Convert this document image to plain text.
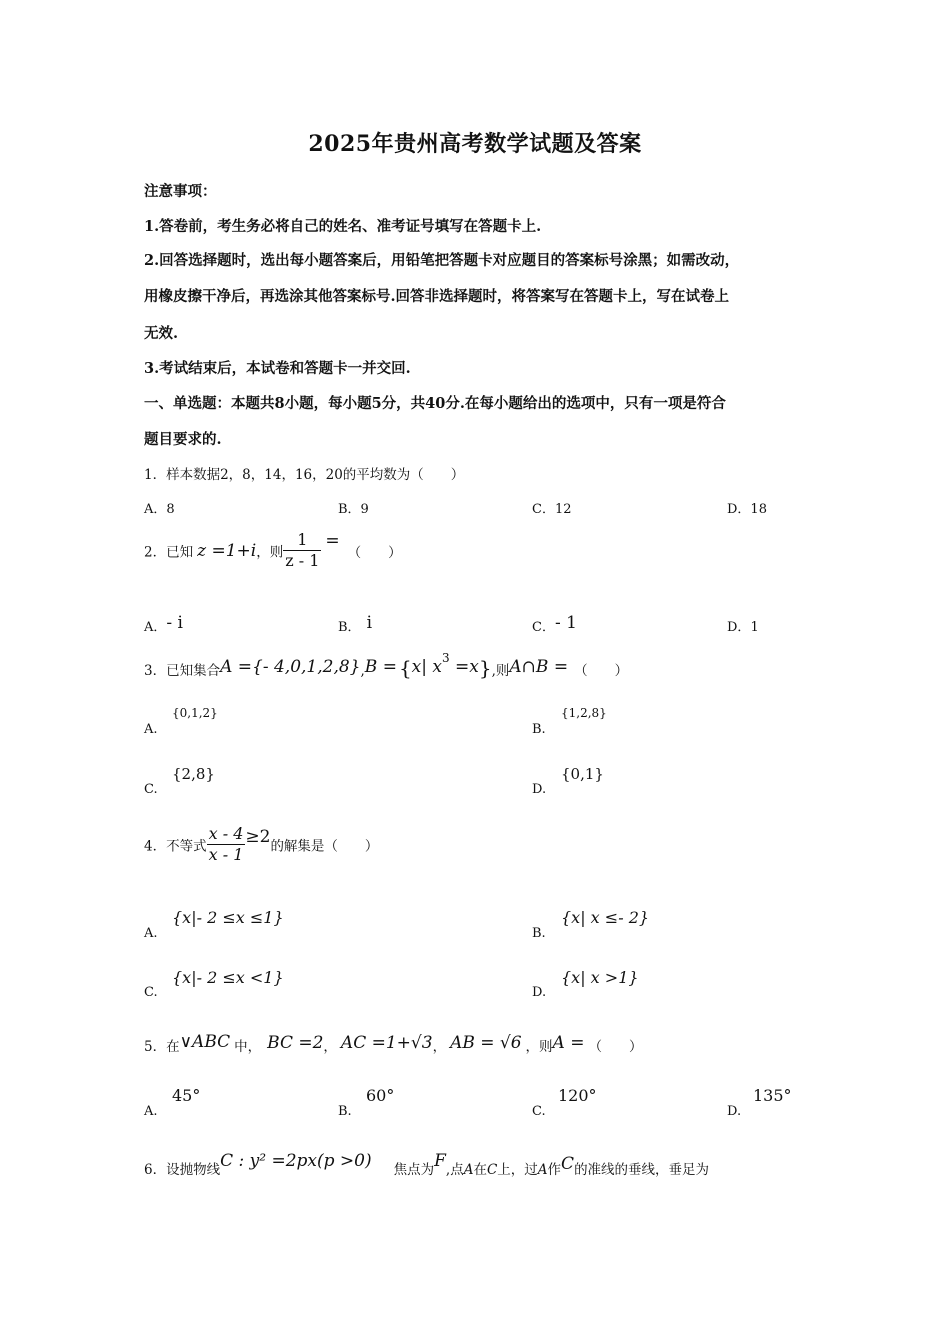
2025年贵州高考数学试题及答案
注意事项：
1.答卷前，考生务必将自己的姓名、准考证号填写在答题卡上.
2.回答选择题时，选出每小题答案后，用铅笔把答题卡对应题目的答案标号涂黑；如需改动，
用橡皮擦干净后，再选涂其他答案标号.回答非选择题时，将答案写在答题卡上，写在试卷上
无效.
3.考试结束后，本试卷和答题卡一并交回.
一、单选题：本题共8小题，每小题5分，共40分.在每小题给出的选项中，只有一项是符合
题目要求的.
1．样本数据2，8，14，16，20的平均数为（　　）
A．8	B．9	C．12	D．18
2．已知 z =1+i，则 $\frac{1}{z - 1}$ =（　　）
A．- i	B． i	C．- 1	D．1
3．已知集合A ={- 4,0,1,2,8},B = {x| $x^3 =x$},则A∩B = （　　）
A.
{0,1,2}
B.
{1,2,8}
C.
{2,8}
D.
{0,1}
4．不等式 $\frac{x - 4}{x - 1} \ge 2$的解集是（　　）
A.
{x|- 2 ≤x ≤1}
B.
{x| x ≤- 2}
C.
{x|- 2 ≤x <1}
D.
{x| x >1}
5．在∨ABC 中， BC =2， AC =1+√3， AB = √6 ，则A = （　　）
A.
45°
B.
60°
C.
120°
D.
135°
6．设抛物线C : y² =2px(p >0) 焦点为F,点A在C上，过A作C的准线的垂线，垂足为
